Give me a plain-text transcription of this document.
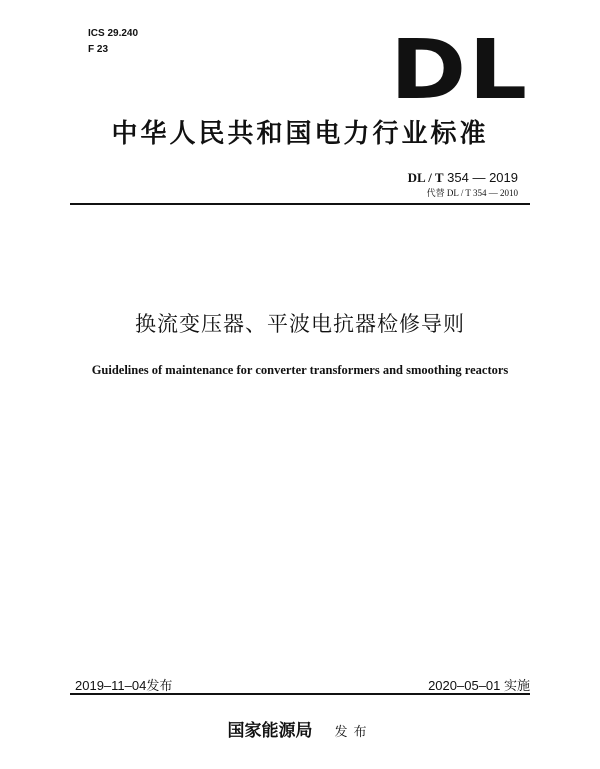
ICS 29.240
F 23	DL
中华人民共和国电力行业标准
DL / T 354 — 2019
代替 DL / T 354 — 2010
换流变压器、平波电抗器检修导则
Guidelines of maintenance for converter transformers and smoothing reactors
2019–11–04发布	2020–05–01 实施
国家能源局 发布
